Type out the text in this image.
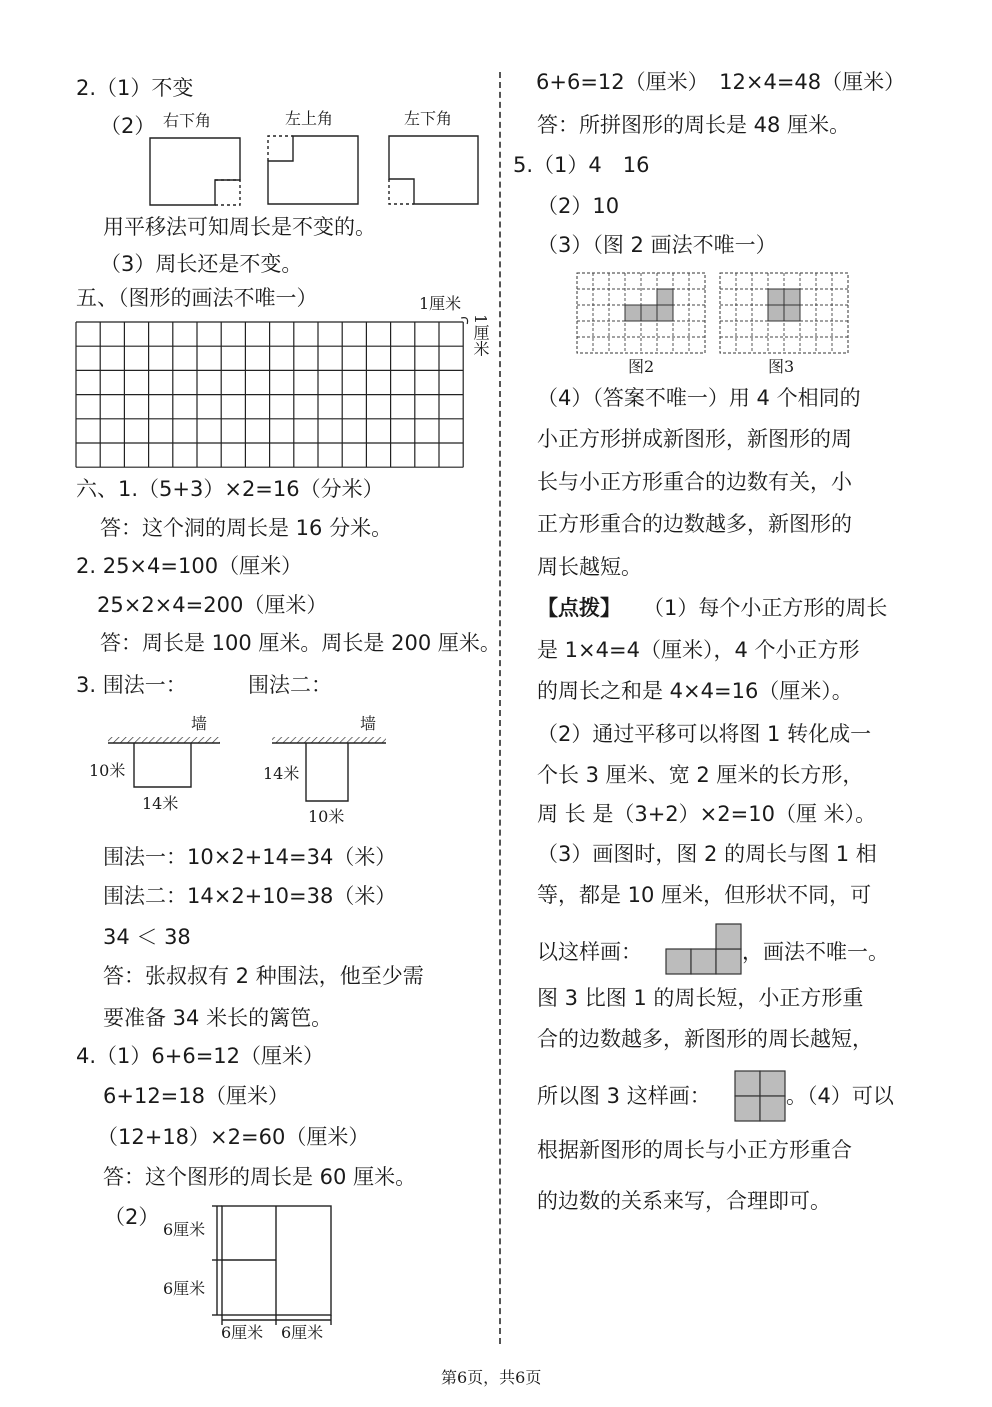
2.（1）不变
（2） 右下角	左上角	左下角
用平移法可知周长是不变的。
（3）周长还是不变。
五、（图形的画法不唯一）	1厘米
1厘米
六、1.（5+3）×2=16（分米）
答：这个洞的周长是 16 分米。
2. 25×4=100（厘米）
25×2×4=200（厘米）
答：周长是 100 厘米。周长是 200 厘米。
3. 围法一：	围法二：
墙	墙
10米
14米
14米
10米
围法一：10×2+14=34（米）
围法二：14×2+10=38（米）
34 ＜ 38
答：张叔叔有 2 种围法，他至少需
要准备 34 米长的篱笆。
4.（1）6+6=12（厘米）
6+12=18（厘米）
（12+18）×2=60（厘米）
答：这个图形的周长是 60 厘米。
（2）
6厘米
6厘米
6厘米 6厘米
6+6=12（厘米）　12×4=48（厘米）
答：所拼图形的周长是 48 厘米。
5.（1）4　16
（2）10
（3）（图 2 画法不唯一）
图2	图3
（4）（答案不唯一）用 4 个相同的
小正方形拼成新图形，新图形的周
长与小正方形重合的边数有关，小
正方形重合的边数越多，新图形的
周长越短。
【点拨】 （1）每个小正方形的周长
是 1×4=4（厘米），4 个小正方形
的周长之和是 4×4=16（厘米）。
（2）通过平移可以将图 1 转化成一
个长 3 厘米、宽 2 厘米的长方形，
周 长 是（3+2）×2=10（厘 米）。
（3）画图时，图 2 的周长与图 1 相
等，都是 10 厘米，但形状不同，可
以这样画：	，画法不唯一。
图 3 比图 1 的周长短，小正方形重
合的边数越多，新图形的周长越短，
所以图 3 这样画：	。（4）可以
根据新图形的周长与小正方形重合
的边数的关系来写，合理即可。
第6页，共6页
